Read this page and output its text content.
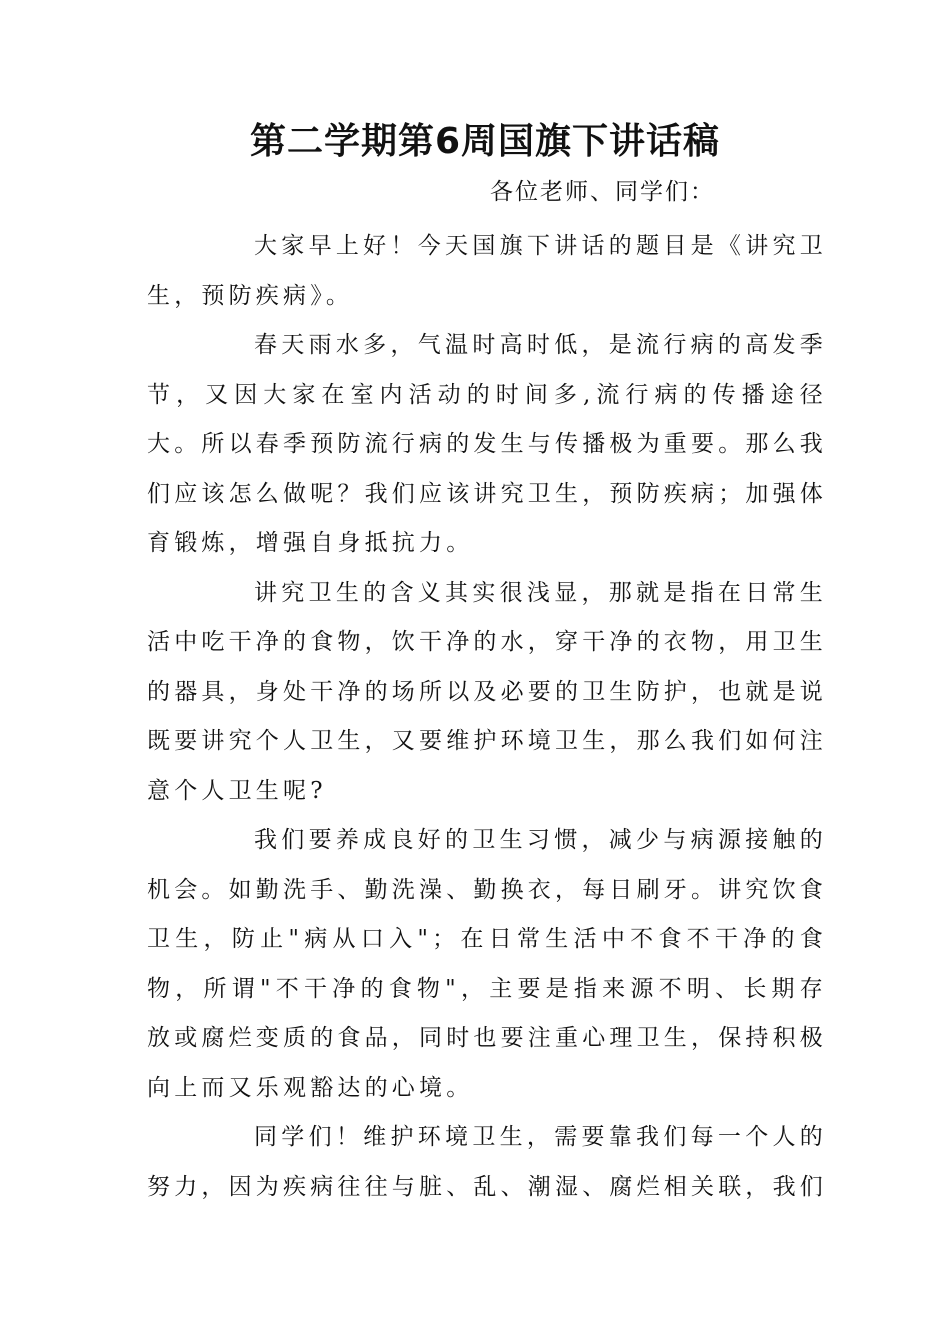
第二学期第6周国旗下讲话稿

各位老师、同学们：

大家早上好！今天国旗下讲话的题目是《讲究卫生，预防疾病》。

春天雨水多，气温时高时低，是流行病的高发季节，又因大家在室内活动的时间多,流行病的传播途径大。所以春季预防流行病的发生与传播极为重要。那么我们应该怎么做呢？我们应该讲究卫生，预防疾病；加强体育锻炼，增强自身抵抗力。

讲究卫生的含义其实很浅显，那就是指在日常生活中吃干净的食物，饮干净的水，穿干净的衣物，用卫生的器具，身处干净的场所以及必要的卫生防护，也就是说既要讲究个人卫生，又要维护环境卫生，那么我们如何注意个人卫生呢?

我们要养成良好的卫生习惯，减少与病源接触的机会。如勤洗手、勤洗澡、勤换衣，每日刷牙。讲究饮食卫生，防止"病从口入"；在日常生活中不食不干净的食物，所谓"不干净的食物"，主要是指来源不明、长期存放或腐烂变质的食品，同时也要注重心理卫生，保持积极向上而又乐观豁达的心境。

同学们！维护环境卫生，需要靠我们每一个人的努力，因为疾病往往与脏、乱、潮湿、腐烂相关联，我们
